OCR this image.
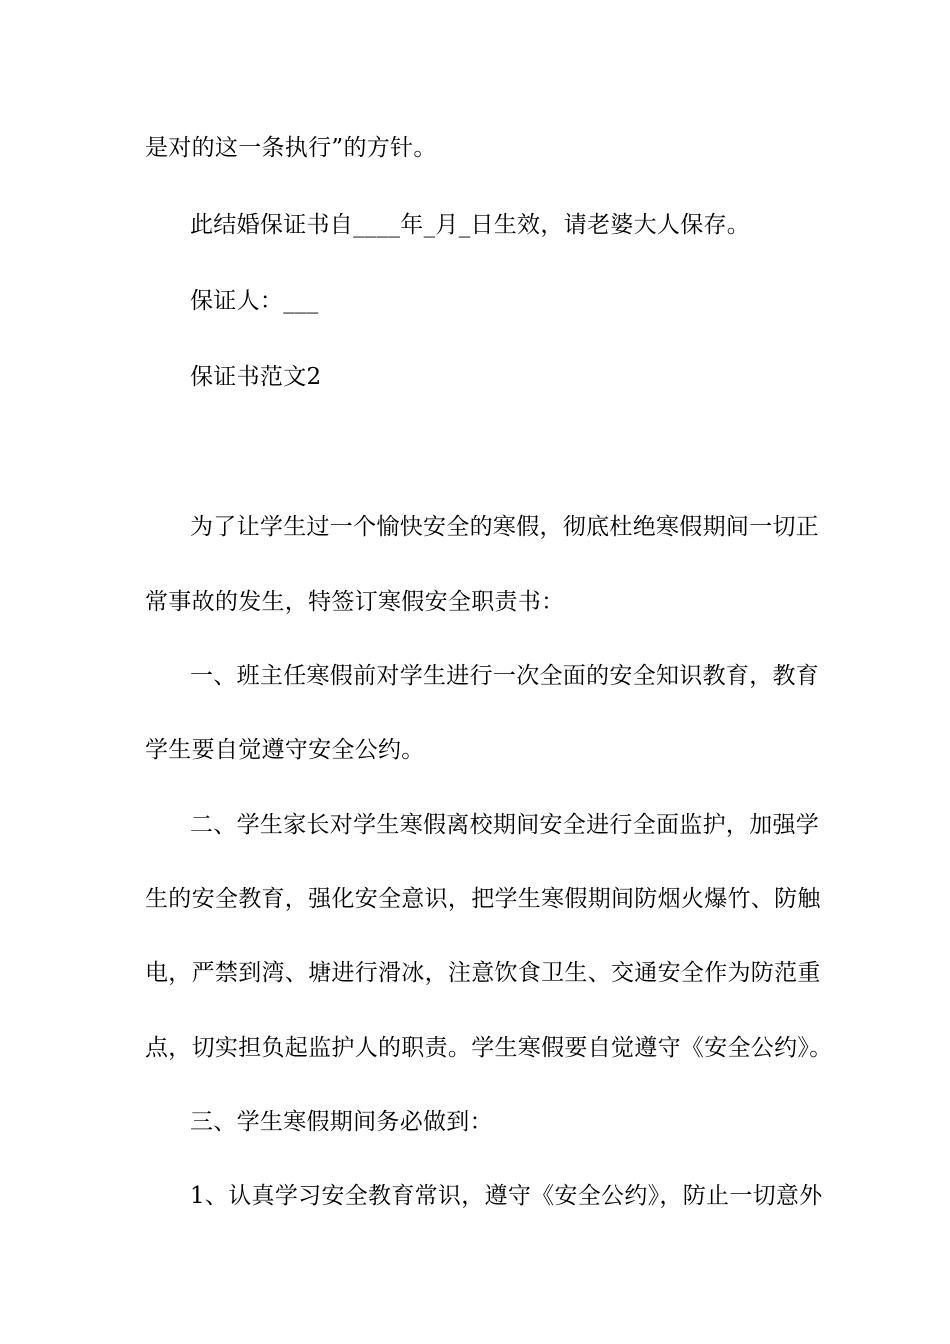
是对的这一条执行”的方针。
此结婚保证书自____年_月_日生效，请老婆大人保存。
保证人：___
保证书范文2
为了让学生过一个愉快安全的寒假，彻底杜绝寒假期间一切正
常事故的发生，特签订寒假安全职责书：
一、班主任寒假前对学生进行一次全面的安全知识教育，教育
学生要自觉遵守安全公约。
二、学生家长对学生寒假离校期间安全进行全面监护，加强学
生的安全教育，强化安全意识，把学生寒假期间防烟火爆竹、防触
电，严禁到湾、塘进行滑冰，注意饮食卫生、交通安全作为防范重
点，切实担负起监护人的职责。学生寒假要自觉遵守《安全公约》。
三、学生寒假期间务必做到：
1、认真学习安全教育常识，遵守《安全公约》，防止一切意外
